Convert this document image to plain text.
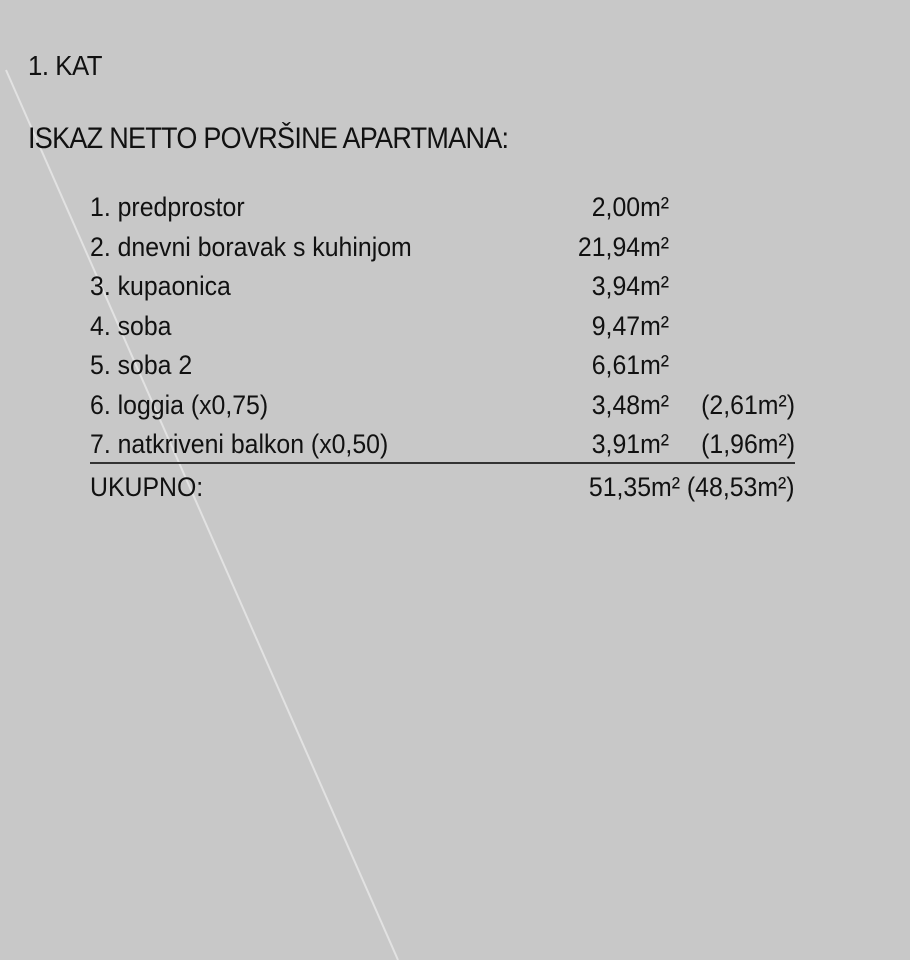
1. KAT
ISKAZ NETTO POVRŠINE APARTMANA:
1. predprostor	2,00m²
2. dnevni boravak s kuhinjom	21,94m²
3. kupaonica	3,94m²
4. soba	9,47m²
5. soba 2	6,61m²
6. loggia (x0,75)	3,48m² (2,61m²)
7. natkriveni balkon (x0,50)	3,91m² (1,96m²)
UKUPNO:	51,35m² (48,53m²)
